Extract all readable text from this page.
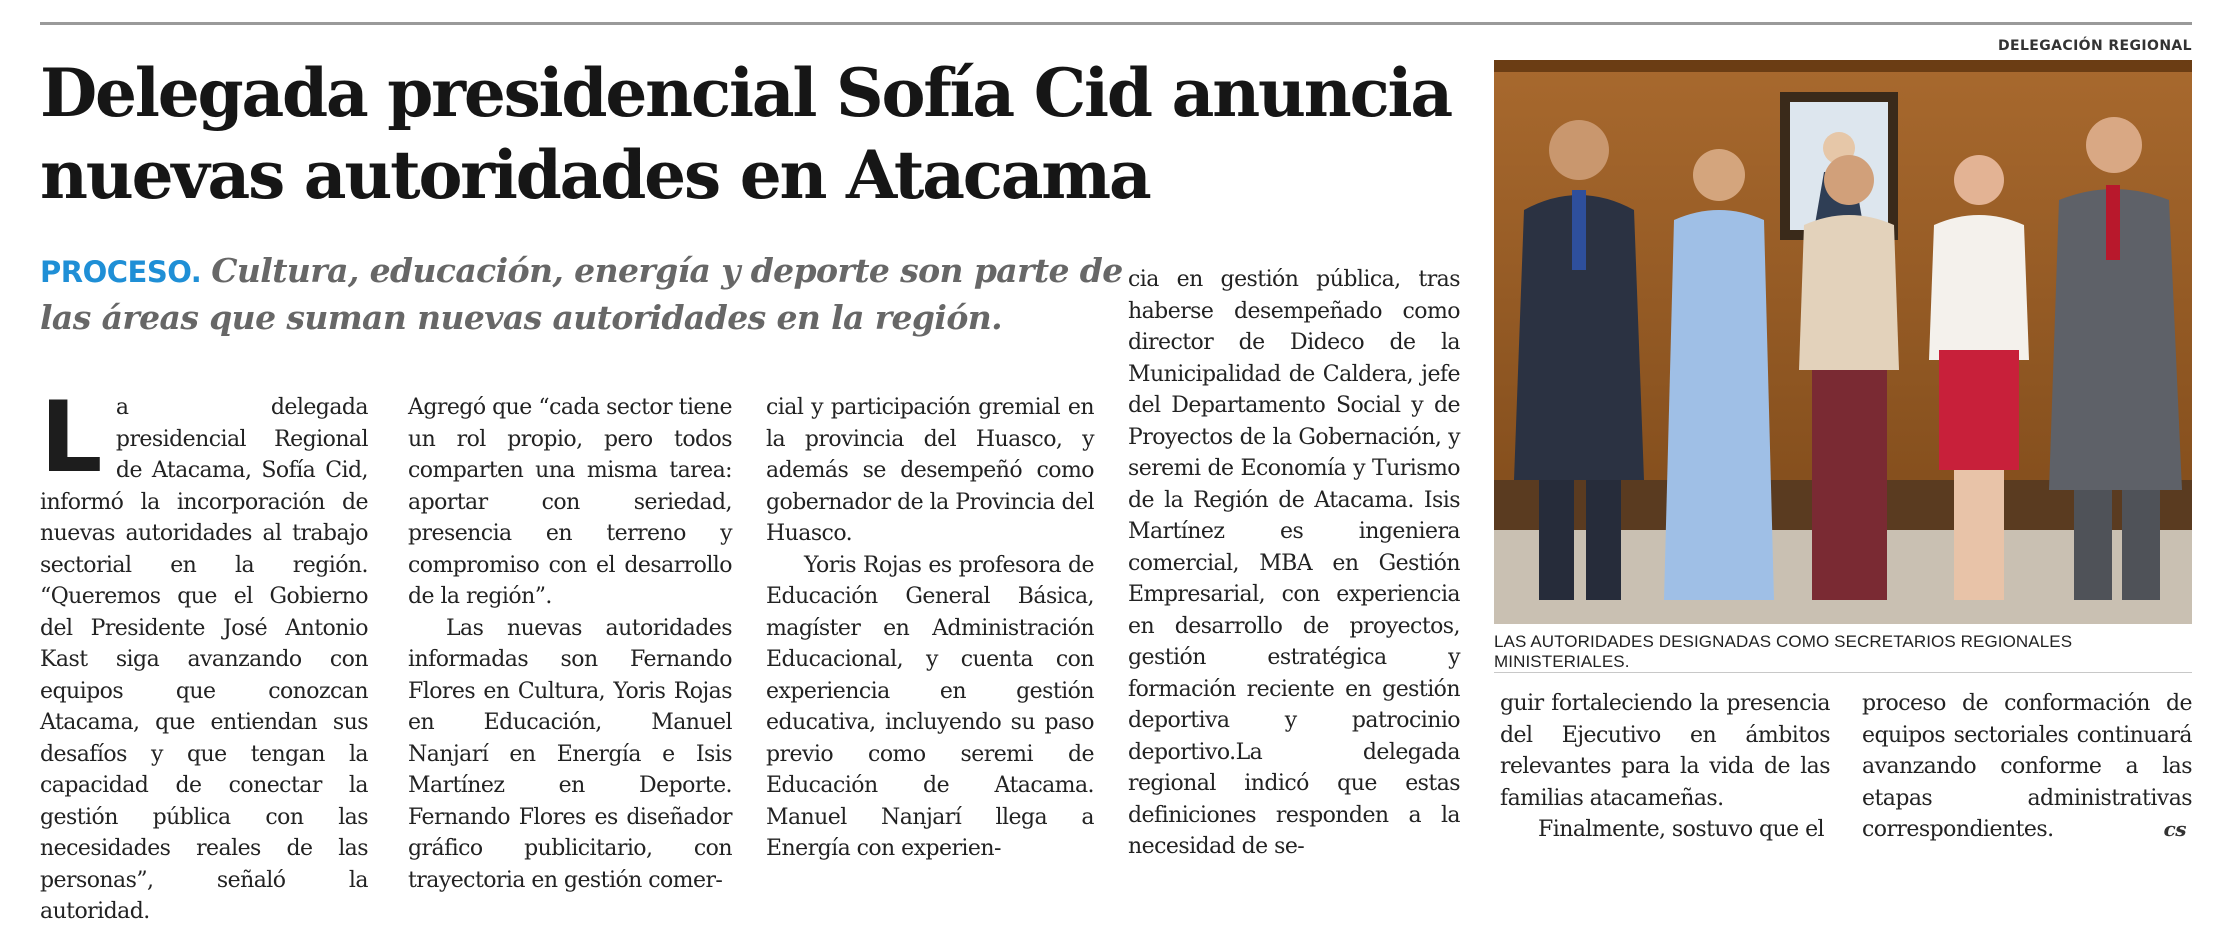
Delegada presidencial Sofía Cid anuncia nuevas autoridades en Atacama

PROCESO. Cultura, educación, energía y deporte son parte de las áreas que suman nuevas autoridades en la región.

La delegada presidencial Regional de Atacama, Sofía Cid, informó la incorporación de nuevas autoridades al trabajo sectorial en la región. “Queremos que el Gobierno del Presidente José Antonio Kast siga avanzando con equipos que conozcan Atacama, que entiendan sus desafíos y que tengan la capacidad de conectar la gestión pública con las necesidades reales de las personas”, señaló la autoridad.

Agregó que “cada sector tiene un rol propio, pero todos comparten una misma tarea: aportar con seriedad, presencia en terreno y compromiso con el desarrollo de la región”.

Las nuevas autoridades informadas son Fernando Flores en Cultura, Yoris Rojas en Educación, Manuel Nanjarí en Energía e Isis Martínez en Deporte. Fernando Flores es diseñador gráfico publicitario, con trayectoria en gestión comer-

cial y participación gremial en la provincia del Huasco, y además se desempeñó como gobernador de la Provincia del Huasco.

Yoris Rojas es profesora de Educación General Básica, magíster en Administración Educacional, y cuenta con experiencia en gestión educativa, incluyendo su paso previo como seremi de Educación de Atacama. Manuel Nanjarí llega a Energía con experien-

cia en gestión pública, tras haberse desempeñado como director de Dideco de la Municipalidad de Caldera, jefe del Departamento Social y de Proyectos de la Gobernación, y seremi de Economía y Turismo de la Región de Atacama. Isis Martínez es ingeniera comercial, MBA en Gestión Empresarial, con experiencia en desarrollo de proyectos, gestión estratégica y formación reciente en gestión deportiva y patrocinio deportivo.La delegada regional indicó que estas definiciones responden a la necesidad de se-

DELEGACIÓN REGIONAL

LAS AUTORIDADES DESIGNADAS COMO SECRETARIOS REGIONALES MINISTERIALES.

guir fortaleciendo la presencia del Ejecutivo en ámbitos relevantes para la vida de las familias atacameñas.

Finalmente, sostuvo que el

proceso de conformación de equipos sectoriales continuará avanzando conforme a las etapas administrativas correspondientes.	cs
